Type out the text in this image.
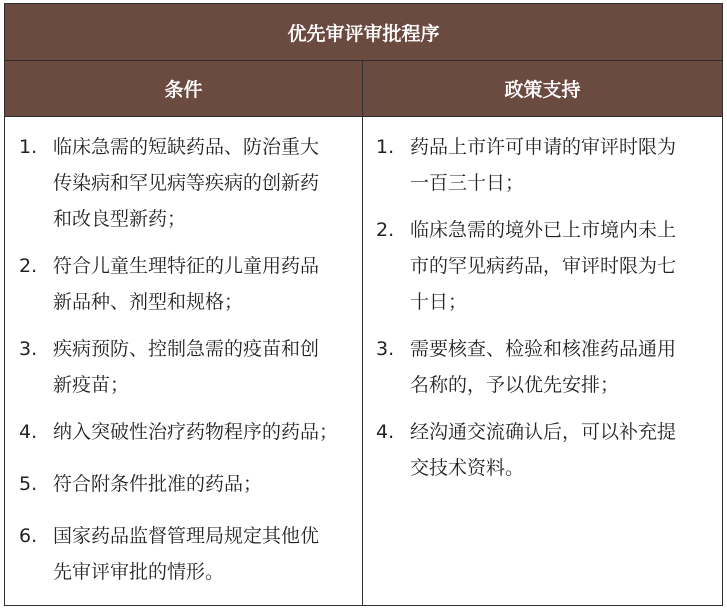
优先审评审批程序
条件	政策支持
1. 临床急需的短缺药品、防治重大
传染病和罕见病等疾病的创新药
和改良型新药；
2. 符合儿童生理特征的儿童用药品
新品种、剂型和规格；
3. 疾病预防、控制急需的疫苗和创
新疫苗；
4. 纳入突破性治疗药物程序的药品；
5. 符合附条件批准的药品；
6. 国家药品监督管理局规定其他优
先审评审批的情形。
1. 药品上市许可申请的审评时限为
一百三十日；
2. 临床急需的境外已上市境内未上
市的罕见病药品，审评时限为七
十日；
3. 需要核查、检验和核准药品通用
名称的，予以优先安排；
4. 经沟通交流确认后，可以补充提
交技术资料。
